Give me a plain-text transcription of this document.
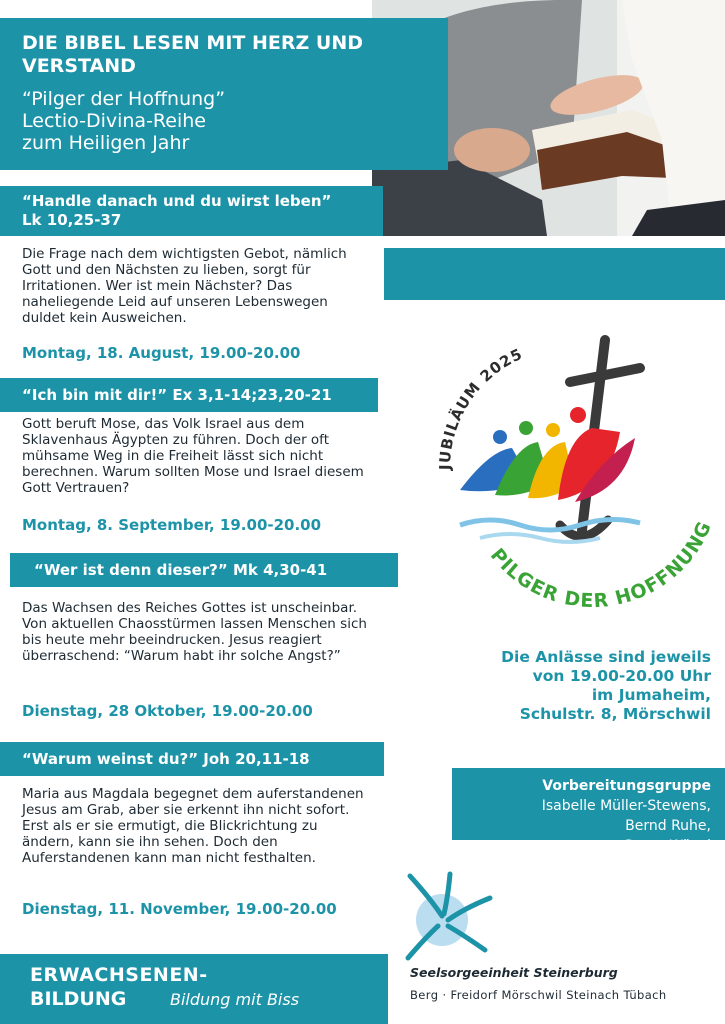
DIE BIBEL LESEN MIT HERZ UND VERSTAND
“Pilger der Hoffnung”
Lectio-Divina-Reihe
zum Heiligen Jahr
“Handle danach und du wirst leben” Lk 10,25-37
Die Frage nach dem wichtigsten Gebot, nämlich Gott und den Nächsten zu lieben, sorgt für Irritationen. Wer ist mein Nächster? Das naheliegende Leid auf unseren Lebenswegen duldet kein Ausweichen.
Montag, 18. August, 19.00-20.00
“Ich bin mit dir!” Ex 3,1-14;23,20-21
Gott beruft Mose, das Volk Israel aus dem Sklavenhaus Ägypten zu führen. Doch der oft mühsame Weg in die Freiheit lässt sich nicht berechnen. Warum sollten Mose und Israel diesem Gott Vertrauen?
Montag, 8. September, 19.00-20.00
“Wer ist denn dieser?” Mk 4,30-41
Das Wachsen des Reiches Gottes ist unscheinbar. Von aktuellen Chaosstürmen lassen Menschen sich bis heute mehr beeindrucken. Jesus reagiert überraschend: “Warum habt ihr solche Angst?”
Dienstag, 28 Oktober, 19.00-20.00
“Warum weinst du?” Joh 20,11-18
Maria aus Magdala begegnet dem auferstandenen Jesus am Grab, aber sie erkennt ihn nicht sofort. Erst als er sie ermutigt, die Blickrichtung zu ändern, kann sie ihn sehen. Doch den Auferstandenen kann man nicht festhalten.
Dienstag, 11. November, 19.00-20.00
JUBILÄUM 2025
PILGER DER HOFFNUN
Die Anlässe sind jeweils
von 19.00-20.00 Uhr
im Jumaheim,
Schulstr. 8, Mörschwil
Vorbereitungsgruppe
Isabelle Müller-Stewens,
Bernd Ruhe,
Remo Wäspi
Seelsorgeeinheit Steinerburg
Berg · Freidorf Mörschwil Steinach Tübach
ERWACHSENEN-
BILDUNG	Bildung mit Biss
